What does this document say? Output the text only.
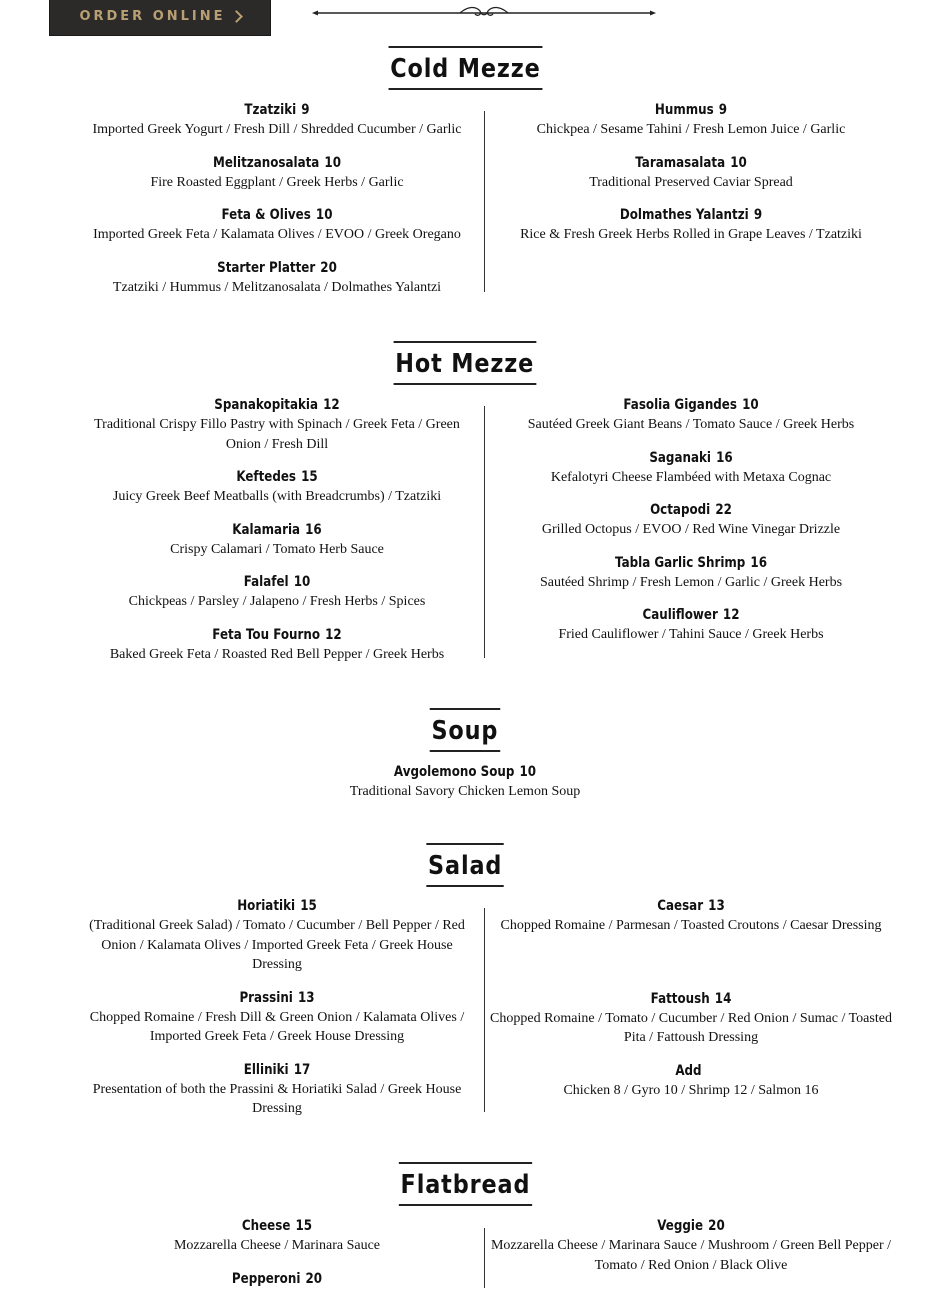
ORDER ONLINE
Cold Mezze
Tzatziki 9
Imported Greek Yogurt / Fresh Dill / Shredded Cucumber / Garlic
Melitzanosalata 10
Fire Roasted Eggplant / Greek Herbs / Garlic
Feta & Olives 10
Imported Greek Feta / Kalamata Olives / EVOO / Greek Oregano
Starter Platter 20
Tzatziki / Hummus / Melitzanosalata / Dolmathes Yalantzi
Hummus 9
Chickpea / Sesame Tahini / Fresh Lemon Juice / Garlic
Taramasalata 10
Traditional Preserved Caviar Spread
Dolmathes Yalantzi 9
Rice & Fresh Greek Herbs Rolled in Grape Leaves / Tzatziki
Hot Mezze
Spanakopitakia 12
Traditional Crispy Fillo Pastry with Spinach / Greek Feta / Green Onion / Fresh Dill
Keftedes 15
Juicy Greek Beef Meatballs (with Breadcrumbs) / Tzatziki
Kalamaria 16
Crispy Calamari / Tomato Herb Sauce
Falafel 10
Chickpeas / Parsley / Jalapeno / Fresh Herbs / Spices
Feta Tou Fourno 12
Baked Greek Feta / Roasted Red Bell Pepper / Greek Herbs
Fasolia Gigandes 10
Sautéed Greek Giant Beans / Tomato Sauce / Greek Herbs
Saganaki 16
Kefalotyri Cheese Flambéed with Metaxa Cognac
Octapodi 22
Grilled Octopus / EVOO / Red Wine Vinegar Drizzle
Tabla Garlic Shrimp 16
Sautéed Shrimp / Fresh Lemon / Garlic / Greek Herbs
Cauliflower 12
Fried Cauliflower / Tahini Sauce / Greek Herbs
Soup
Avgolemono Soup 10
Traditional Savory Chicken Lemon Soup
Salad
Horiatiki 15
(Traditional Greek Salad) / Tomato / Cucumber / Bell Pepper / Red Onion / Kalamata Olives / Imported Greek Feta / Greek House Dressing
Prassini 13
Chopped Romaine / Fresh Dill & Green Onion / Kalamata Olives / Imported Greek Feta / Greek House Dressing
Elliniki 17
Presentation of both the Prassini & Horiatiki Salad / Greek House Dressing
Caesar 13
Chopped Romaine / Parmesan / Toasted Croutons / Caesar Dressing
Fattoush 14
Chopped Romaine / Tomato / Cucumber / Red Onion / Sumac / Toasted Pita / Fattoush Dressing
Add
Chicken 8 / Gyro 10 / Shrimp 12 / Salmon 16
Flatbread
Cheese 15
Mozzarella Cheese / Marinara Sauce
Pepperoni 20
Veggie 20
Mozzarella Cheese / Marinara Sauce / Mushroom / Green Bell Pepper / Tomato / Red Onion / Black Olive
